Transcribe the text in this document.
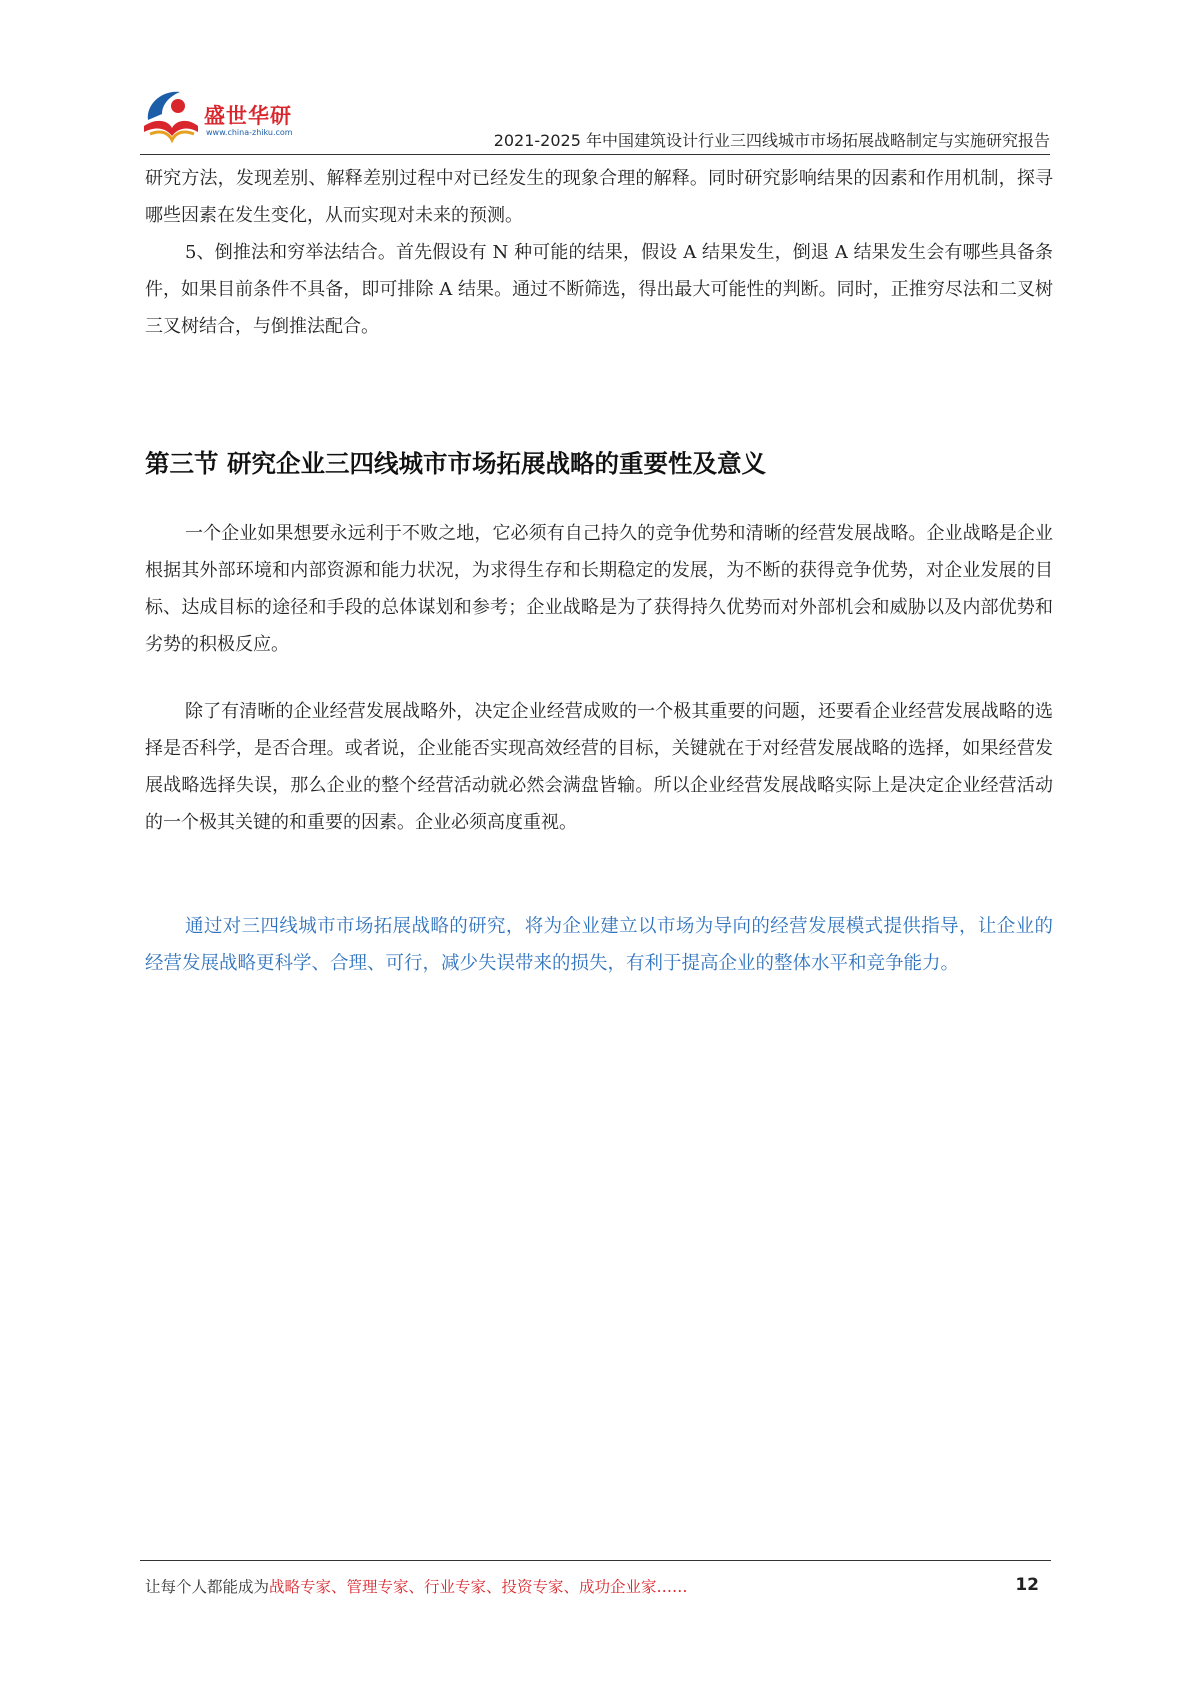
盛世华研
www.china-zhiku.com	2021-2025 年中国建筑设计行业三四线城市市场拓展战略制定与实施研究报告

研究方法，发现差别、解释差别过程中对已经发生的现象合理的解释。同时研究影响结果的因素和作用机制，探寻哪些因素在发生变化，从而实现对未来的预测。

5、倒推法和穷举法结合。首先假设有 N 种可能的结果，假设 A 结果发生，倒退 A 结果发生会有哪些具备条件，如果目前条件不具备，即可排除 A 结果。通过不断筛选，得出最大可能性的判断。同时，正推穷尽法和二叉树三叉树结合，与倒推法配合。

第三节 研究企业三四线城市市场拓展战略的重要性及意义

一个企业如果想要永远利于不败之地，它必须有自己持久的竞争优势和清晰的经营发展战略。企业战略是企业根据其外部环境和内部资源和能力状况，为求得生存和长期稳定的发展，为不断的获得竞争优势，对企业发展的目标、达成目标的途径和手段的总体谋划和参考；企业战略是为了获得持久优势而对外部机会和威胁以及内部优势和劣势的积极反应。

除了有清晰的企业经营发展战略外，决定企业经营成败的一个极其重要的问题，还要看企业经营发展战略的选择是否科学，是否合理。或者说，企业能否实现高效经营的目标，关键就在于对经营发展战略的选择，如果经营发展战略选择失误，那么企业的整个经营活动就必然会满盘皆输。所以企业经营发展战略实际上是决定企业经营活动的一个极其关键的和重要的因素。企业必须高度重视。

通过对三四线城市市场拓展战略的研究，将为企业建立以市场为导向的经营发展模式提供指导，让企业的经营发展战略更科学、合理、可行，减少失误带来的损失，有利于提高企业的整体水平和竞争能力。

让每个人都能成为战略专家、管理专家、行业专家、投资专家、成功企业家……	12
